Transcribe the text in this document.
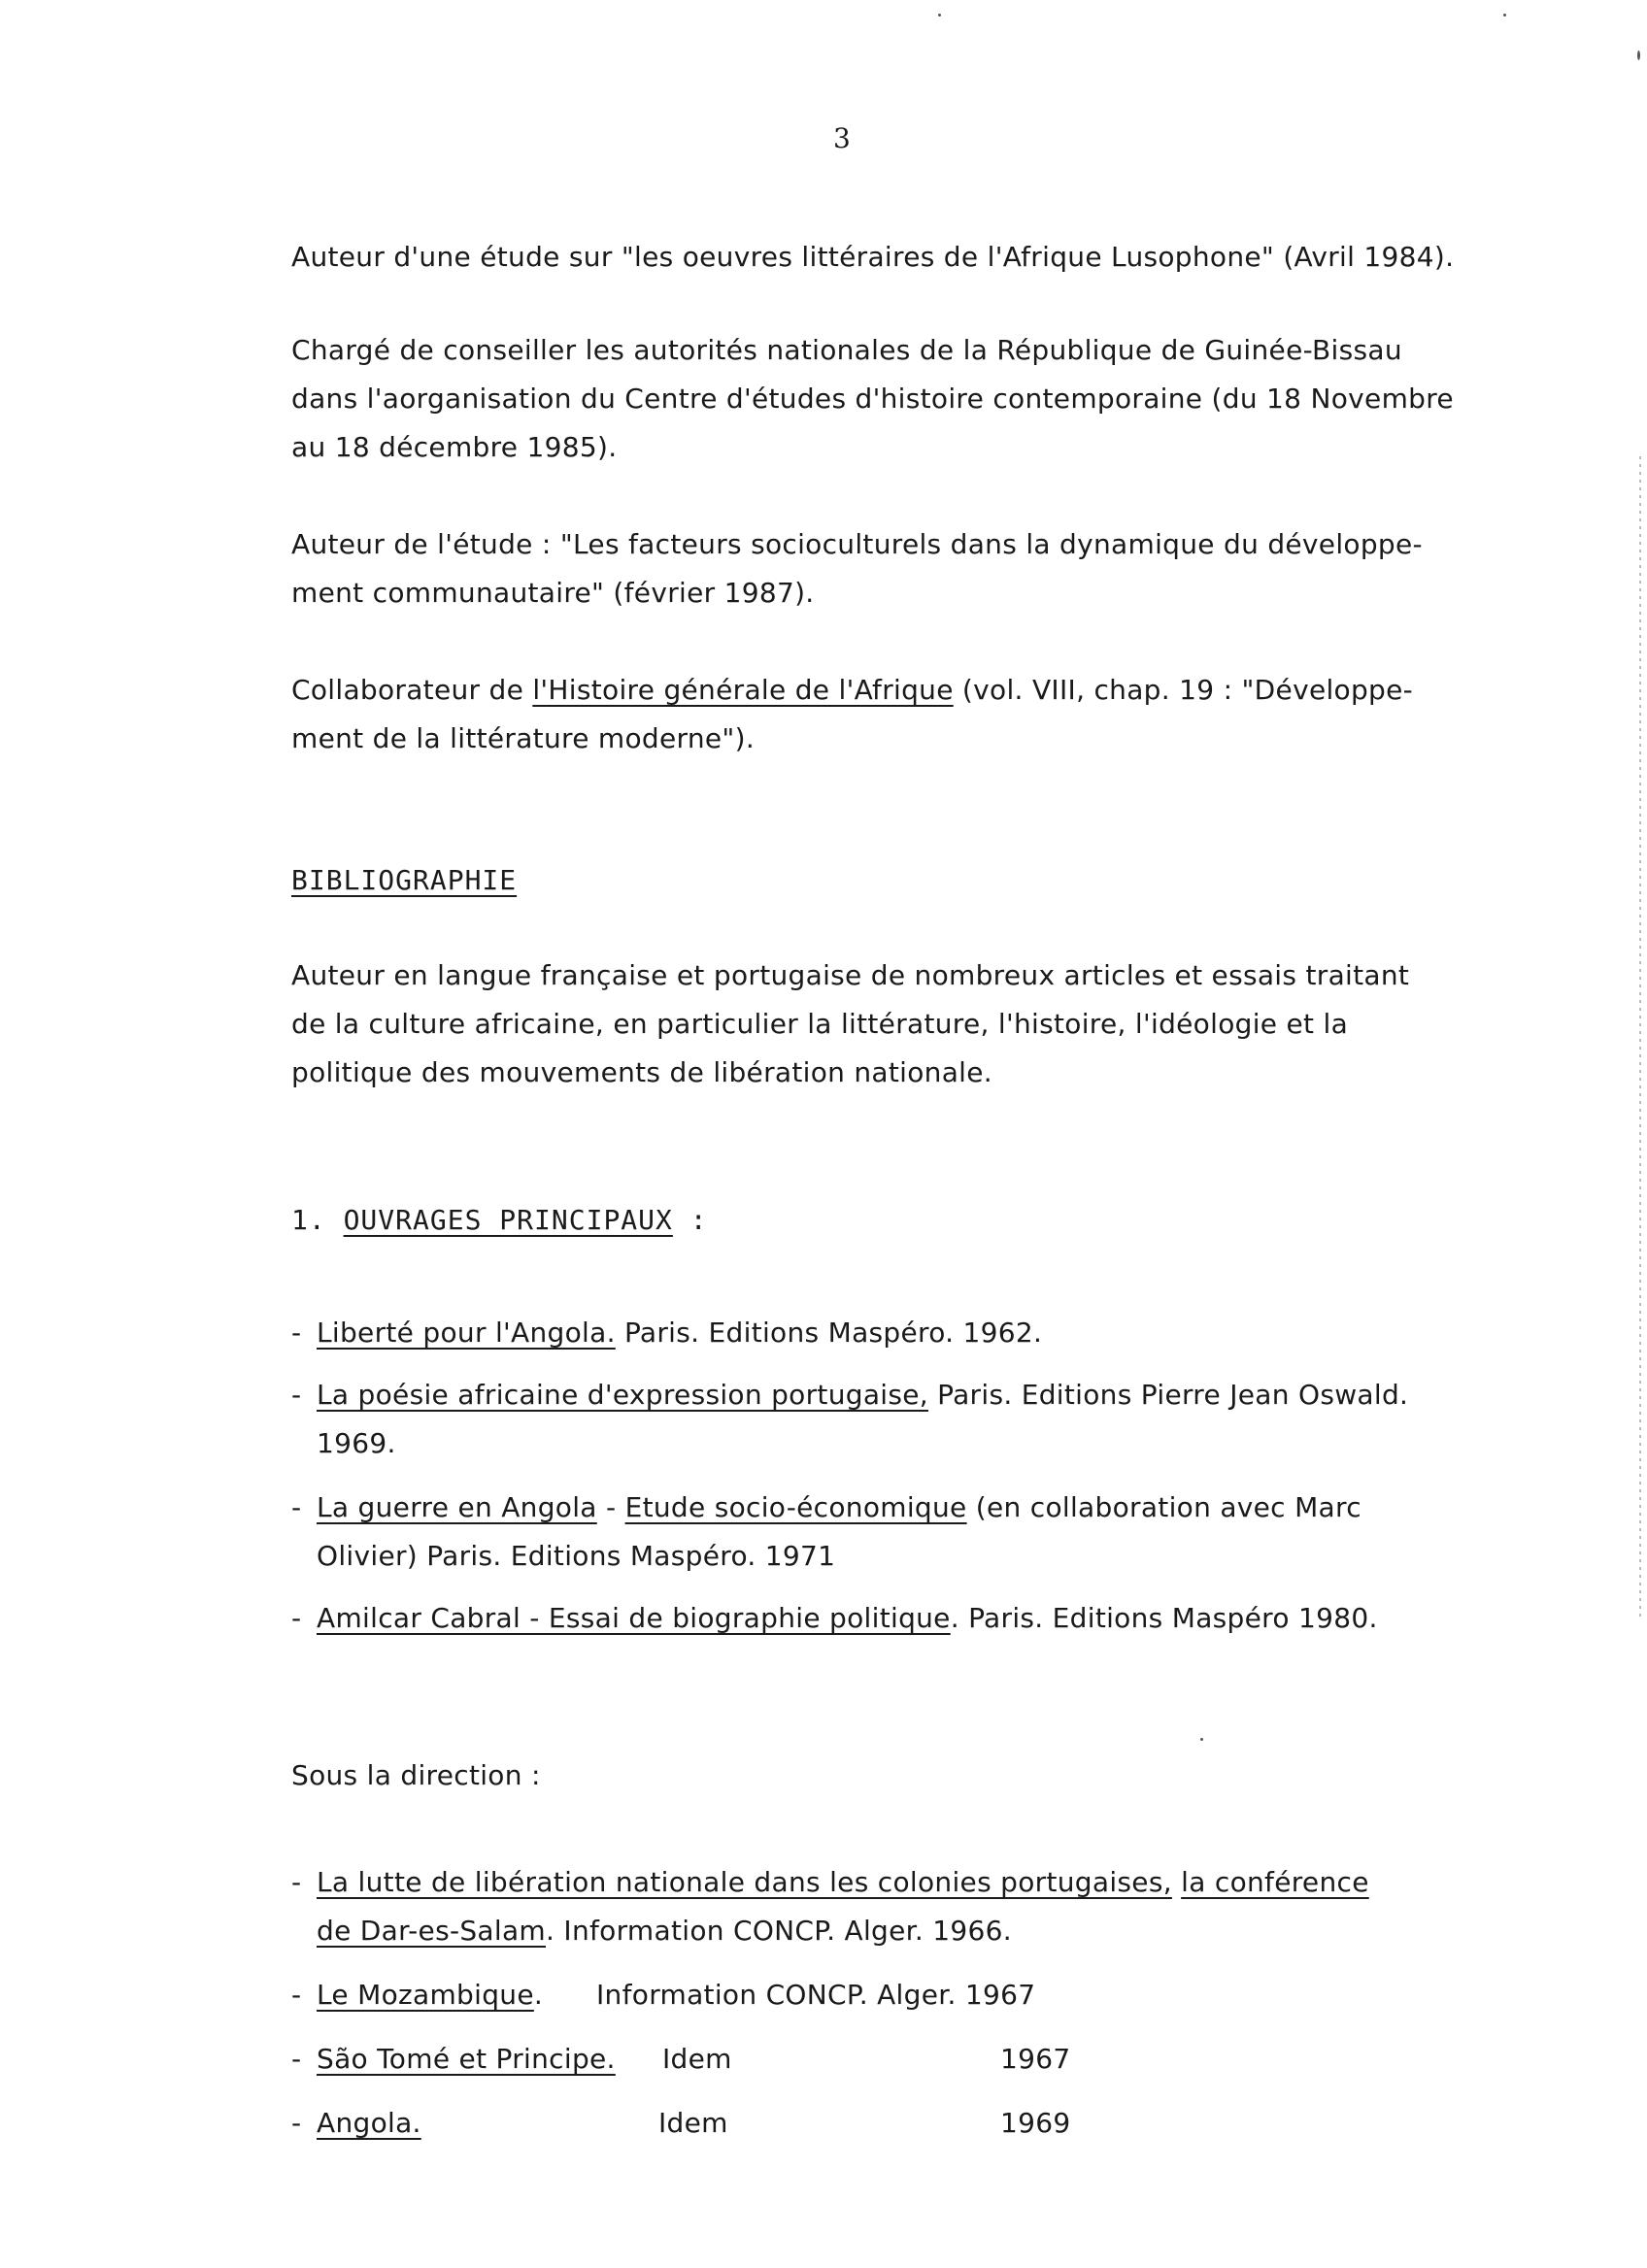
3
Auteur d'une étude sur "les oeuvres littéraires de l'Afrique Lusophone" (Avril 1984).
Chargé de conseiller les autorités nationales de la République de Guinée-Bissau
dans l'aorganisation du Centre d'études d'histoire contemporaine (du 18 Novembre
au 18 décembre 1985).
Auteur de l'étude : "Les facteurs socioculturels dans la dynamique du développe-
ment communautaire" (février 1987).
Collaborateur de l'Histoire générale de l'Afrique (vol. VIII, chap. 19 : "Développe-
ment de la littérature moderne").
BIBLIOGRAPHIE
Auteur en langue française et portugaise de nombreux articles et essais traitant
de la culture africaine, en particulier la littérature, l'histoire, l'idéologie et la
politique des mouvements de libération nationale.
1. OUVRAGES PRINCIPAUX :
- Liberté pour l'Angola. Paris. Editions Maspéro. 1962.
- La poésie africaine d'expression portugaise, Paris. Editions Pierre Jean Oswald.
1969.
- La guerre en Angola - Etude socio-économique (en collaboration avec Marc
Olivier) Paris. Editions Maspéro. 1971
- Amilcar Cabral - Essai de biographie politique. Paris. Editions Maspéro 1980.
Sous la direction :
- La lutte de libération nationale dans les colonies portugaises, la conférence
de Dar-es-Salam. Information CONCP. Alger. 1966.
- Le Mozambique. Information CONCP. Alger. 1967
- São Tomé et Principe. Idem	1967
- Angola.	Idem	1969
